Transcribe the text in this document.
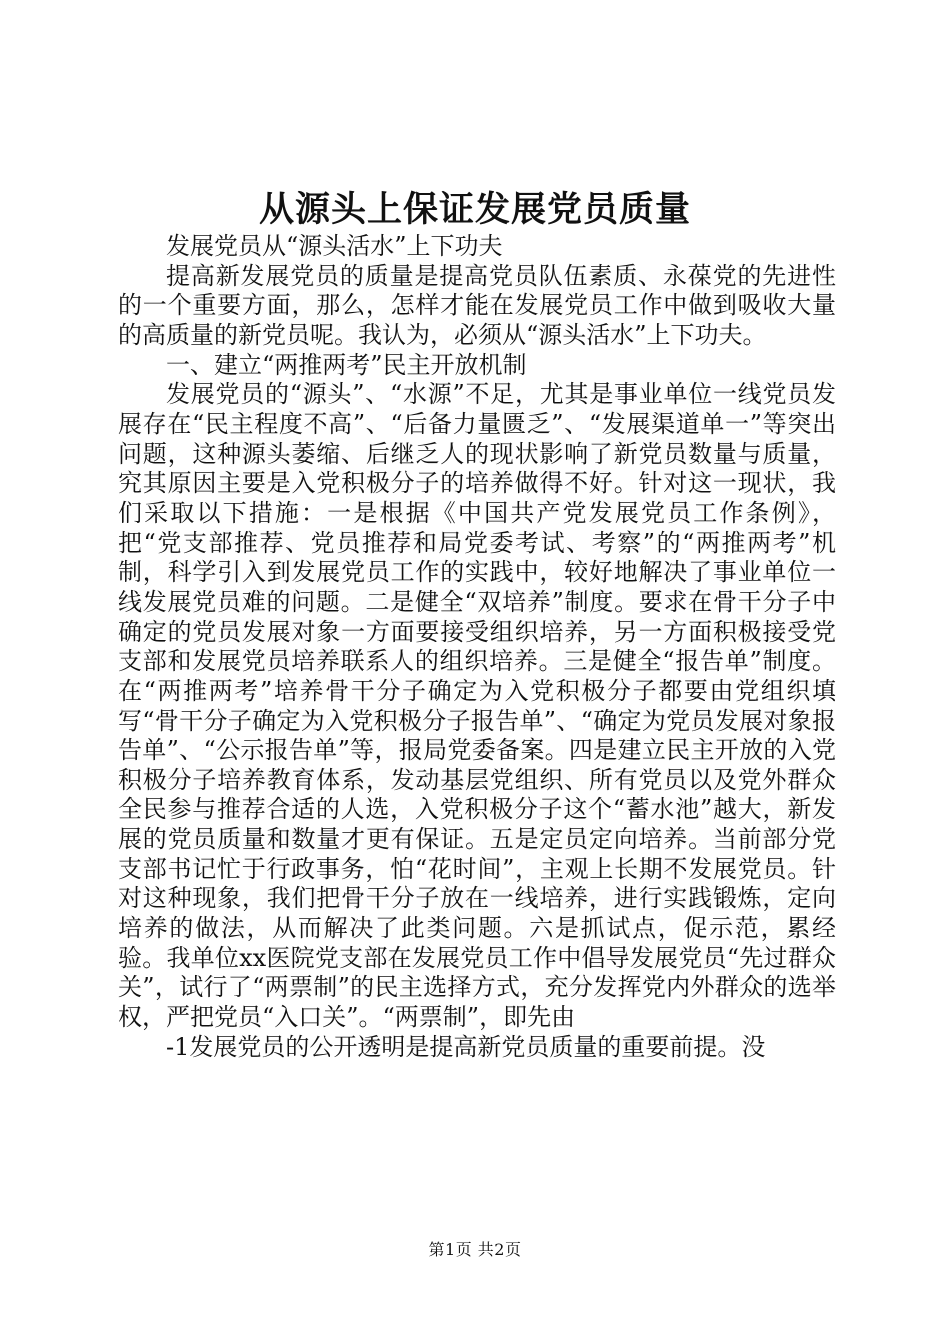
从源头上保证发展党员质量

发展党员从“源头活水”上下功夫

提高新发展党员的质量是提高党员队伍素质、永葆党的先进性的一个重要方面，那么，怎样才能在发展党员工作中做到吸收大量的高质量的新党员呢。我认为，必须从“源头活水”上下功夫。

一、建立“两推两考”民主开放机制

发展党员的“源头”、“水源”不足，尤其是事业单位一线党员发展存在“民主程度不高”、“后备力量匮乏”、“发展渠道单一”等突出问题，这种源头萎缩、后继乏人的现状影响了新党员数量与质量，究其原因主要是入党积极分子的培养做得不好。针对这一现状，我们采取以下措施：一是根据《中国共产党发展党员工作条例》，把“党支部推荐、党员推荐和局党委考试、考察”的“两推两考”机制，科学引入到发展党员工作的实践中，较好地解决了事业单位一线发展党员难的问题。二是健全“双培养”制度。要求在骨干分子中确定的党员发展对象一方面要接受组织培养，另一方面积极接受党支部和发展党员培养联系人的组织培养。三是健全“报告单”制度。在“两推两考”培养骨干分子确定为入党积极分子都要由党组织填写“骨干分子确定为入党积极分子报告单”、“确定为党员发展对象报告单”、“公示报告单”等，报局党委备案。四是建立民主开放的入党积极分子培养教育体系，发动基层党组织、所有党员以及党外群众全民参与推荐合适的人选，入党积极分子这个“蓄水池”越大，新发展的党员质量和数量才更有保证。五是定员定向培养。当前部分党支部书记忙于行政事务，怕“花时间”，主观上长期不发展党员。针对这种现象，我们把骨干分子放在一线培养，进行实践锻炼，定向培养的做法，从而解决了此类问题。六是抓试点，促示范，累经验。我单位xx医院党支部在发展党员工作中倡导发展党员“先过群众关”，试行了“两票制”的民主选择方式，充分发挥党内外群众的选举权，严把党员“入口关”。“两票制”，即先由

-1发展党员的公开透明是提高新党员质量的重要前提。没

第1页 共2页
